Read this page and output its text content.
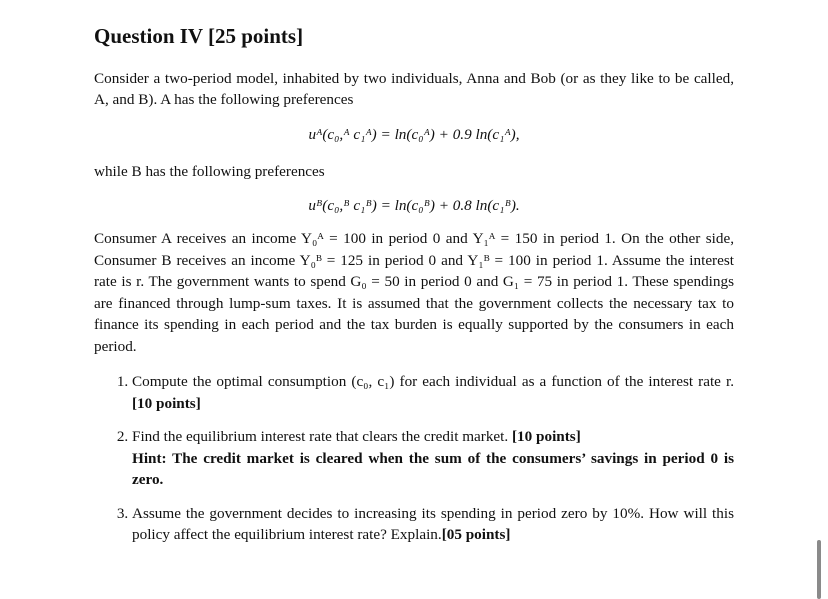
Question IV [25 points]

Consider a two-period model, inhabited by two individuals, Anna and Bob (or as they like to be called, A, and B). A has the following preferences

uᴬ(c₀,ᴬ c₁ᴬ) = ln(c₀ᴬ) + 0.9 ln(c₁ᴬ),

while B has the following preferences

uᴮ(c₀,ᴮ c₁ᴮ) = ln(c₀ᴮ) + 0.8 ln(c₁ᴮ).

Consumer A receives an income Y₀ᴬ = 100 in period 0 and Y₁ᴬ = 150 in period 1. On the other side, Consumer B receives an income Y₀ᴮ = 125 in period 0 and Y₁ᴮ = 100 in period 1. Assume the interest rate is r. The government wants to spend G₀ = 50 in period 0 and G₁ = 75 in period 1. These spendings are financed through lump-sum taxes. It is assumed that the government collects the necessary tax to finance its spending in each period and the tax burden is equally supported by the consumers in each period.

1. Compute the optimal consumption (c₀, c₁) for each individual as a function of the interest rate r. [10 points]
2. Find the equilibrium interest rate that clears the credit market. [10 points]
Hint: The credit market is cleared when the sum of the consumers’ savings in period 0 is zero.
3. Assume the government decides to increasing its spending in period zero by 10%. How will this policy affect the equilibrium interest rate? Explain.[05 points]
